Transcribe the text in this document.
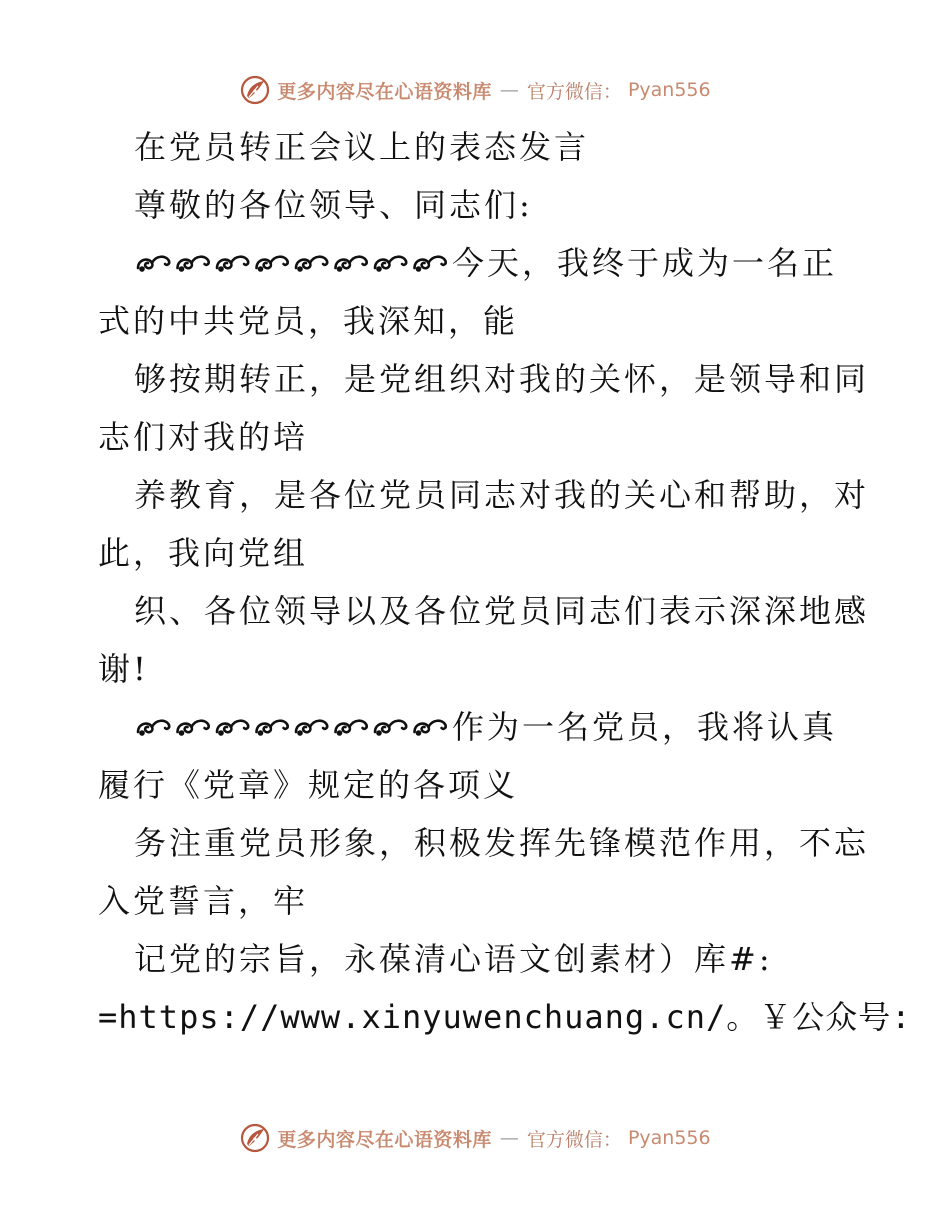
更多内容尽在心语资料库 — 官方微信： Pyan556
在党员转正会议上的表态发言
尊敬的各位领导、同志们:
今天，我终于成为一名正
式的中共党员，我深知，能
够按期转正，是党组织对我的关怀，是领导和同
志们对我的培
养教育，是各位党员同志对我的关心和帮助，对
此，我向党组
织、各位领导以及各位党员同志们表示深深地感
谢!
作为一名党员，我将认真
履行《党章》规定的各项义
务注重党员形象，积极发挥先锋模范作用，不忘
入党誓言，牢
记党的宗旨，永葆清心语文创素材）库#:
=https://www.xinyuwenchuang.cn/。￥公众号:
更多内容尽在心语资料库 — 官方微信： Pyan556
